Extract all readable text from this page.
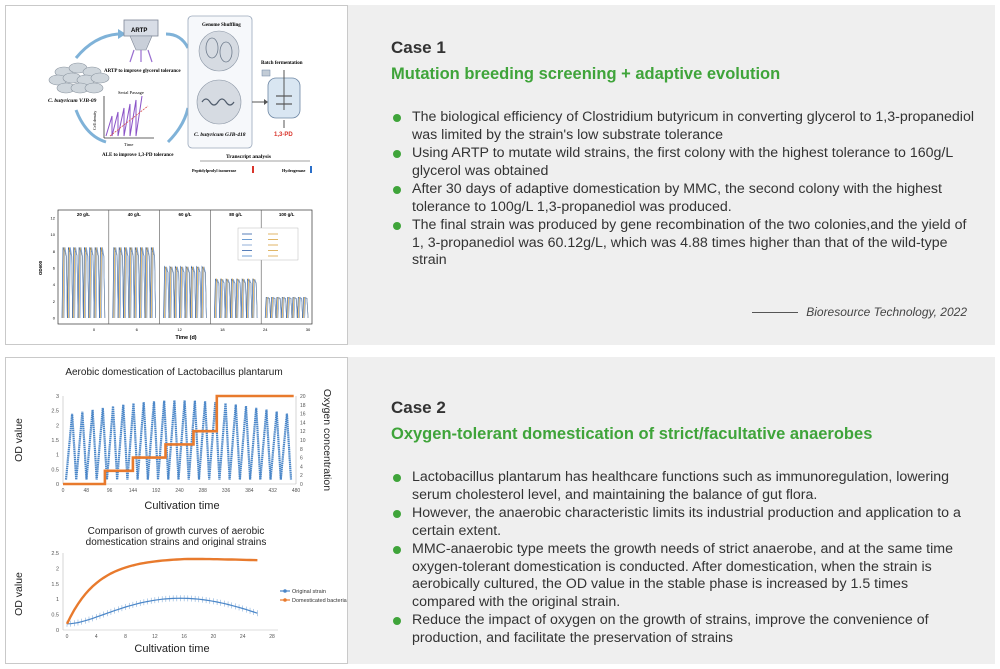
C. butyricum VJB-09
ARTP
ARTP to improve glycerol tolerance
Serial Passage
Cell density
Time
ALE to improve 1,3-PD tolerance
Genome Shuffling
C. butyricum GJB-418
Batch fermentation
1,3-PD
Transcript analysis
Peptidylprolyl isomerase	Hydrogenase
20 g/L	40 g/L	60 g/L	80 g/L	100 g/L
0
2
4
6
8
10
12
0	6	12	18	24	30
OD600
Time (d)
Case 1
Mutation breeding screening + adaptive evolution
The biological efficiency of Clostridium butyricum in converting glycerol to 1,3-propanediol was limited by the strain's low substrate tolerance
Using ARTP to mutate wild strains, the first colony with the highest tolerance to 160g/L glycerol was obtained
After 30 days of adaptive domestication by MMC, the second colony with the highest tolerance to 100g/L 1,3-propanediol was produced.
The final strain was produced by gene recombination of the two colonies,and the yield of 1, 3-propanediol was 60.12g/L, which was 4.88 times higher than that of the wild-type strain
Bioresource Technology, 2022
Aerobic domestication of Lactobacillus plantarum
0
0.5
1
1.5
2
2.5
3
0
2
4
6
8
10
12
14
16
18
20
0	48	96	144	192	240	288	336	384	432	480
OD value	Oxygen concentration
Cultivation time
Comparison of growth curves of aerobic domestication strains and original strains
0
0.5
1
1.5
2
2.5
0	4	8	12	16	20	24	28
OD value
Cultivation time
Original strain
Domesticated bacteria
Case 2
Oxygen-tolerant domestication of strict/facultative anaerobes
Lactobacillus plantarum has healthcare functions such as immunoregulation, lowering serum cholesterol level, and maintaining the balance of gut flora.
However, the anaerobic characteristic limits its industrial production and application to a certain extent.
MMC-anaerobic type meets the growth needs of strict anaerobe, and at the same time oxygen-tolerant domestication is conducted. After domestication, when the strain is aerobically cultured, the OD value in the stable phase is increased by 1.5 times compared with the original strain.
Reduce the impact of oxygen on the growth of strains, improve the convenience of production, and facilitate the preservation of strains
